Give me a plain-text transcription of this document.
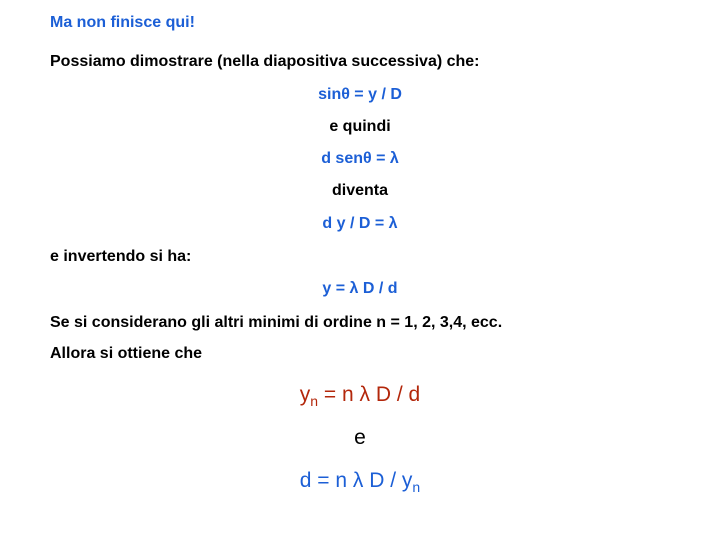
Ma non finisce qui!
Possiamo dimostrare (nella diapositiva successiva) che:
sinθ = y / D
e quindi
d senθ = λ
diventa
d y / D = λ
e invertendo si ha:
y = λ D / d
Se si considerano gli altri minimi di ordine n = 1, 2, 3,4, ecc.
Allora si ottiene che
$y_n = n$ λ D / d
e
d = n λ D / $y_n$
